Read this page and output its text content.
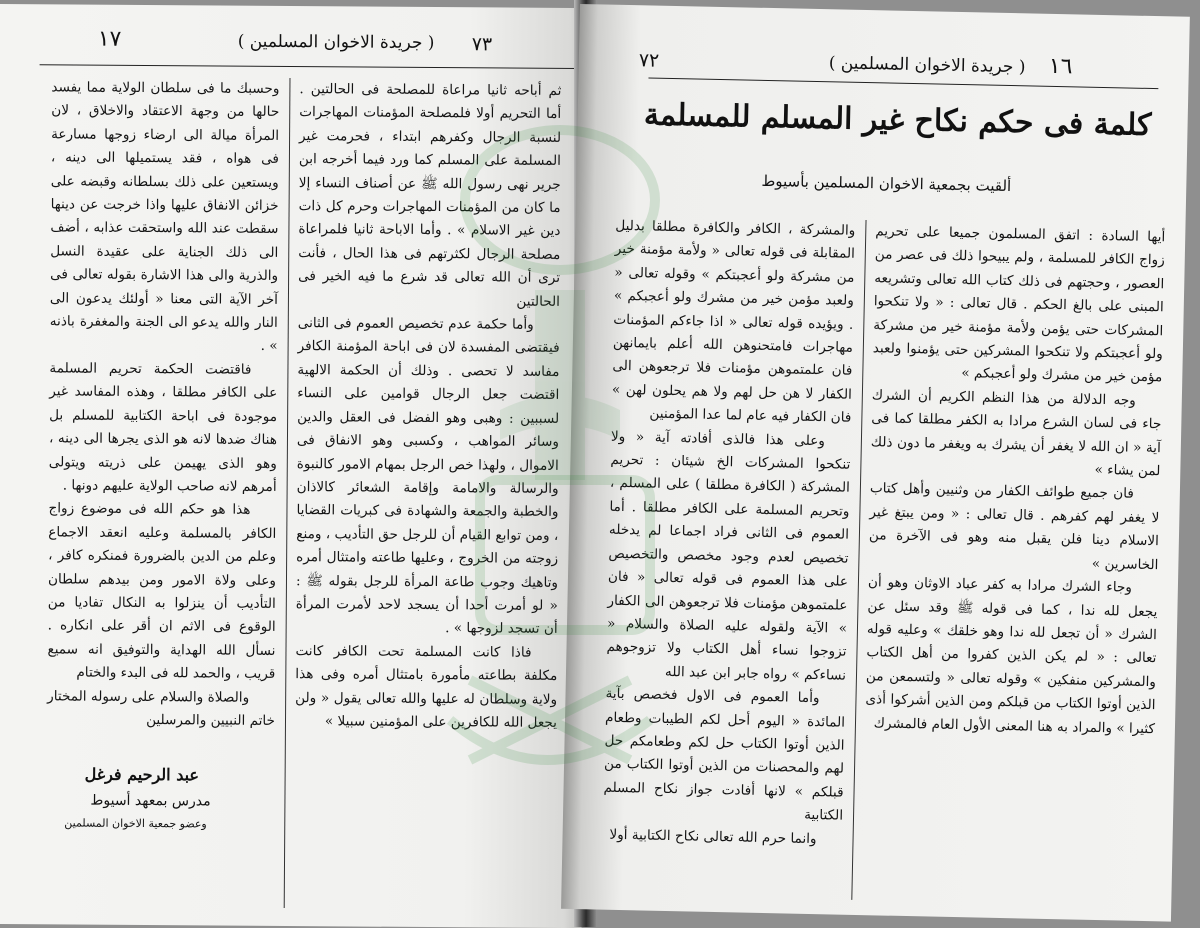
١٧	( جريدة الاخوان المسلمين ) ٧٣

ثم أباحه ثانيا مراعاة للمصلحة فى الحالتين . أما التحريم أولا فلمصلحة المؤمنات المهاجرات لنسبة الرجال وكفرهم ابتداء ، فحرمت غير المسلمة على المسلم كما ورد فيما أخرجه ابن جرير نهى رسول الله ﷺ عن أصناف النساء إلا ما كان من المؤمنات المهاجرات وحرم كل ذات دين غير الاسلام » . وأما الاباحة ثانيا فلمراعاة مصلحة الرجال لكثرتهم فى هذا الحال ، فأنت ترى أن الله تعالى قد شرع ما فيه الخير فى الحالتين

وأما حكمة عدم تخصيص العموم فى الثانى فيقتضى المفسدة لان فى اباحة المؤمنة الكافر مفاسد لا تحصى . وذلك أن الحكمة الالهية اقتضت جعل الرجال قوامين على النساء لسببين : وهبى وهو الفضل فى العقل والدين وسائر المواهب ، وكسبى وهو الانفاق فى الاموال ، ولهذا خص الرجل بمهام الامور كالنبوة والرسالة والامامة وإقامة الشعائر كالاذان والخطبة والجمعة والشهادة فى كبريات القضايا ، ومن توابع القيام أن للرجل حق التأديب ، ومنع زوجته من الخروج ، وعليها طاعته وامتثال أمره وتاهيك وجوب طاعة المرأة للرجل بقوله ﷺ : « لو أمرت أحدا أن يسجد لاحد لأمرت المرأة أن تسجد لزوجها » .

فاذا كانت المسلمة تحت الكافر كانت مكلفة بطاعته مأمورة بامتثال أمره وفى هذا ولاية وسلطان له عليها والله تعالى يقول « ولن يجعل الله للكافرين على المؤمنين سبيلا »

وحسبك ما فى سلطان الولاية مما يفسد حالها من وجهة الاعتقاد والاخلاق ، لان المرأة ميالة الى ارضاء زوجها مسارعة فى هواه ، فقد يستميلها الى دينه ، ويستعين على ذلك بسلطانه وقبضه على خزائن الانفاق عليها واذا خرجت عن دينها سقطت عند الله واستحقت عذابه ، أضف الى ذلك الجناية على عقيدة النسل والذرية والى هذا الاشارة بقوله تعالى فى آخر الآية التى معنا « أولئك يدعون الى النار والله يدعو الى الجنة والمغفرة باذنه » .

فاقتضت الحكمة تحريم المسلمة على الكافر مطلقا ، وهذه المفاسد غير موجودة فى اباحة الكتابية للمسلم بل هناك ضدها لانه هو الذى يجرها الى دينه ، وهو الذى يهيمن على ذريته ويتولى أمرهم لانه صاحب الولاية عليهم دونها .

هذا هو حكم الله فى موضوع زواج الكافر بالمسلمة وعليه انعقد الاجماع وعلم من الدين بالضرورة فمنكره كافر ، وعلى ولاة الامور ومن بيدهم سلطان التأديب أن ينزلوا به النكال تفاديا من الوقوع فى الاثم ان أقر على انكاره . نسأل الله الهداية والتوفيق انه سميع قريب ، والحمد لله فى البدء والختام

والصلاة والسلام على رسوله المختار خاتم النبيين والمرسلين

عبد الرحيم فرغل
مدرس بمعهد أسيوط
وعضو جمعية الاخوان المسلمين
٧٢	( جريدة الاخوان المسلمين ) ١٦
كلمة فى حكم نكاح غير المسلم للمسلمة
ألقيت بجمعية الاخوان المسلمين بأسيوط

أيها السادة : اتفق المسلمون جميعا على تحريم زواج الكافر للمسلمة ، ولم يبيحوا ذلك فى عصر من العصور ، وحجتهم فى ذلك كتاب الله تعالى وتشريعه المبنى على بالغ الحكم . قال تعالى : « ولا تنكحوا المشركات حتى يؤمن ولأمة مؤمنة خير من مشركة ولو أعجبتكم ولا تنكحوا المشركين حتى يؤمنوا ولعبد مؤمن خير من مشرك ولو أعجبكم »

وجه الدلالة من هذا النظم الكريم أن الشرك جاء فى لسان الشرع مرادا به الكفر مطلقا كما فى آية « ان الله لا يغفر أن يشرك به ويغفر ما دون ذلك لمن يشاء »

فان جميع طوائف الكفار من وثنيين وأهل كتاب لا يغفر لهم كفرهم . قال تعالى : « ومن يبتغ غير الاسلام دينا فلن يقبل منه وهو فى الآخرة من الخاسرين »

وجاء الشرك مرادا به كفر عباد الاوثان وهو أن يجعل لله ندا ، كما فى قوله ﷺ وقد سئل عن الشرك « أن تجعل لله ندا وهو خلقك » وعليه قوله تعالى : « لم يكن الذين كفروا من أهل الكتاب والمشركين منفكين » وقوله تعالى « ولتسمعن من الذين أوتوا الكتاب من قبلكم ومن الذين أشركوا أذى كثيرا » والمراد به هنا المعنى الأول العام فالمشرك

والمشركة ، الكافر والكافرة مطلقا بدليل المقابلة فى قوله تعالى « ولأمة مؤمنة خير من مشركة ولو أعجبتكم » وقوله تعالى « ولعبد مؤمن خير من مشرك ولو أعجبكم » . ويؤيده قوله تعالى « اذا جاءكم المؤمنات مهاجرات فامتحنوهن الله أعلم بايمانهن فان علمتموهن مؤمنات فلا ترجعوهن الى الكفار لا هن حل لهم ولا هم يحلون لهن » فان الكفار فيه عام لما عدا المؤمنين

وعلى هذا فالذى أفادته آية « ولا تنكحوا المشركات الخ شيئان : تحريم المشركة ( الكافرة مطلقا ) على المسلم ، وتحريم المسلمة على الكافر مطلقا . أما العموم فى الثانى فراد اجماعا لم يدخله تخصيص لعدم وجود مخصص والتخصيص على هذا العموم فى قوله تعالى « فان علمتموهن مؤمنات فلا ترجعوهن الى الكفار » الآية ولقوله عليه الصلاة والسلام « تزوجوا نساء أهل الكتاب ولا تزوجوهم نساءكم » رواه جابر ابن عبد الله

وأما العموم فى الاول فخصص بآية المائدة « اليوم أحل لكم الطيبات وطعام الذين أوتوا الكتاب حل لكم وطعامكم حل لهم والمحصنات من الذين أوتوا الكتاب من قبلكم » لانها أفادت جواز نكاح المسلم الكتابية

وانما حرم الله تعالى نكاح الكتابية أولا
